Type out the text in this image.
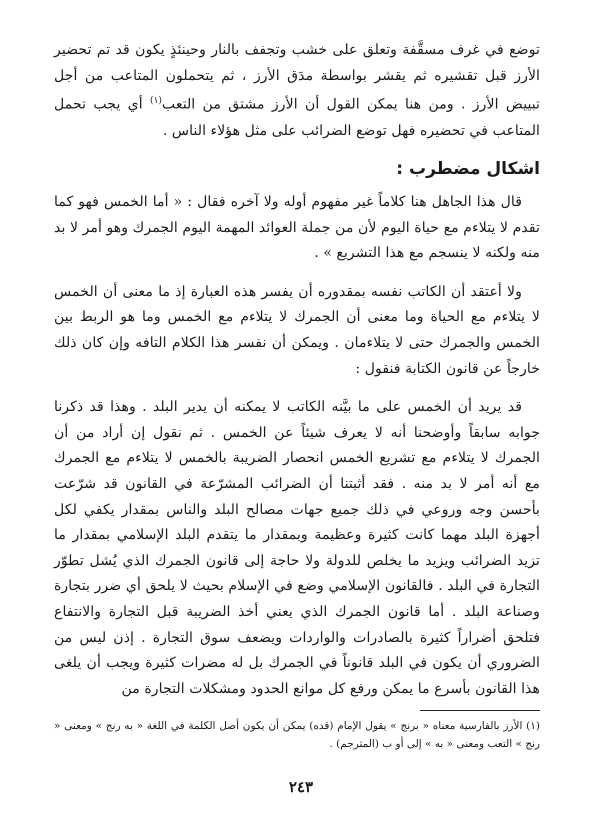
توضع في غرف مسقَّفة وتعلق على خشب وتجفف بالنار وحينئذٍ يكون قد تم تحضير الأرز قبل تقشيره ثم يقشر بواسطة مدَق الأرز ، ثم يتحملون المتاعب من أجل تبييض الأرز . ومن هنا يمكن القول أن الأرز مشتق من التعب$^{(١)}$ أي يجب تحمل المتاعب في تحضيره فهل توضع الضرائب على مثل هؤلاء الناس .

اشكال مضطرب :

قال هذا الجاهل هنا كلاماً غير مفهوم أوله ولا آخره فقال : « أما الخمس فهو كما تقدم لا يتلاءم مع حياة اليوم لأن من جملة العوائد المهمة اليوم الجمرك وهو أمر لا بد منه ولكنه لا ينسجم مع هذا التشريع » .

ولا أعتقد أن الكاتب نفسه بمقدوره أن يفسر هذه العبارة إذ ما معنى أن الخمس لا يتلاءم مع الحياة وما معنى أن الجمرك لا يتلاءم مع الخمس وما هو الربط بين الخمس والجمرك حتى لا يتلاءمان . ويمكن أن نفسر هذا الكلام التافه وإن كان ذلك خارجاً عن قانون الكتابة فنقول :

قد يريد أن الخمس على ما بيَّنه الكاتب لا يمكنه أن يدير البلد . وهذا قد ذكرنا جوابه سابقاً وأوضحنا أنه لا يعرف شيئاً عن الخمس . ثم نقول إن أراد من أن الجمرك لا يتلاءم مع تشريع الخمس انحصار الضريبة بالخمس لا يتلاءم مع الجمرك مع أنه أمر لا بد منه . فقد أثبتنا أن الضرائب المشرّعة في القانون قد شرّعت بأحسن وجه وروعي في ذلك جميع جهات مصالح البلد والناس بمقدار يكفي لكل أجهزة البلد مهما كانت كثيرة وعظيمة وبمقدار ما يتقدم البلد الإسلامي بمقدار ما تزيد الضرائب ويزيد ما يخلص للدولة ولا حاجة إلى قانون الجمرك الذي يُشل تطوّر التجارة في البلد . فالقانون الإسلامي وضع في الإسلام بحيث لا يلحق أي ضرر بتجارة وصناعة البلد . أما قانون الجمرك الذي يعني أخذ الضريبة قبل التجارة والانتفاع فتلحق أضراراً كثيرة بالصادرات والواردات ويضعف سوق التجارة . إذن ليس من الضروري أن يكون في البلد قانوناً في الجمرك بل له مضرات كثيرة ويجب أن يلغى هذا القانون بأسرع ما يمكن ورفع كل موانع الحدود ومشكلات التجارة من

(١) الأرز بالفارسية معناه « برنج » يقول الإمام (قده) يمكن أن يكون أصل الكلمة في اللغة « به رنج » ومعنى « رنج » التعب ومعنى « به » إلى أو ب (المترجم) .

٢٤٣
